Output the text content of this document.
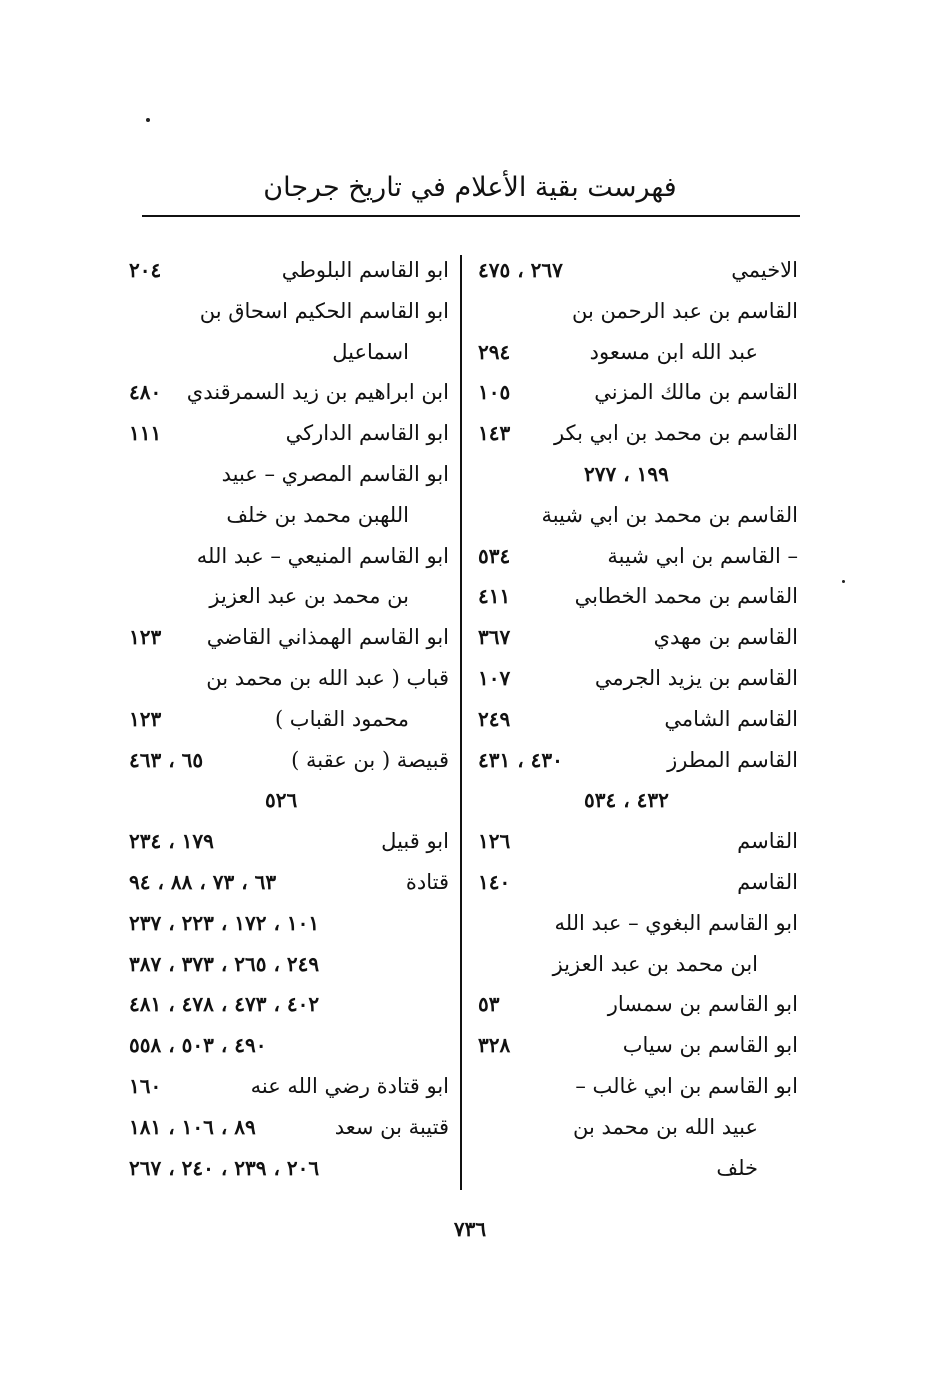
فهرست بقية الأعلام في تاريخ جرجان
الاخيمي
٢٦٧ ، ٤٧٥
القاسم بن عبد الرحمن بن
عبد الله ابن مسعود
٢٩٤
القاسم بن مالك المزني
١٠٥
القاسم بن محمد بن ابي بكر
١٤٣
١٩٩ ، ٢٧٧
القاسم بن محمد بن ابي شيبة
– القاسم بن ابي شيبة
٥٣٤
القاسم بن محمد الخطابي
٤١١
القاسم بن مهدي
٣٦٧
القاسم بن يزيد الجرمي
١٠٧
القاسم الشامي
٢٤٩
القاسم المطرز
٤٣٠ ، ٤٣١
٤٣٢ ، ٥٣٤
القاسم
١٢٦
القاسم
١٤٠
ابو القاسم البغوي – عبد الله
ابن محمد بن عبد العزيز
ابو القاسم بن سمسار
٥٣
ابو القاسم بن سياب
٣٢٨
ابو القاسم بن ابي غالب –
عبيد الله بن محمد بن
خلف
ابو القاسم البلوطي
٢٠٤
ابو القاسم الحكيم اسحاق بن
اسماعيل
ابن ابراهيم بن زيد السمرقندي
٤٨٠
ابو القاسم الداركي
١١١
ابو القاسم المصري – عبيد
اللهبن محمد بن خلف
ابو القاسم المنيعي – عبد الله
بن محمد بن عبد العزيز
ابو القاسم الهمذاني القاضي
١٢٣
قباب ( عبد الله بن محمد بن
محمود القباب )
١٢٣
قبيصة ( بن عقبة )
٦٥ ، ٤٦٣
٥٢٦
ابو قبيل
١٧٩ ، ٢٣٤
قتادة
٦٣ ، ٧٣ ، ٨٨ ، ٩٤
١٠١ ، ١٧٢ ، ٢٢٣ ، ٢٣٧
٢٤٩ ، ٢٦٥ ، ٣٧٣ ، ٣٨٧
٤٠٢ ، ٤٧٣ ، ٤٧٨ ، ٤٨١
٤٩٠ ، ٥٠٣ ، ٥٥٨
ابو قتادة رضي الله عنه
١٦٠
قتيبة بن سعد
٨٩ ، ١٠٦ ، ١٨١
٢٠٦ ، ٢٣٩ ، ٢٤٠ ، ٢٦٧
٧٣٦
